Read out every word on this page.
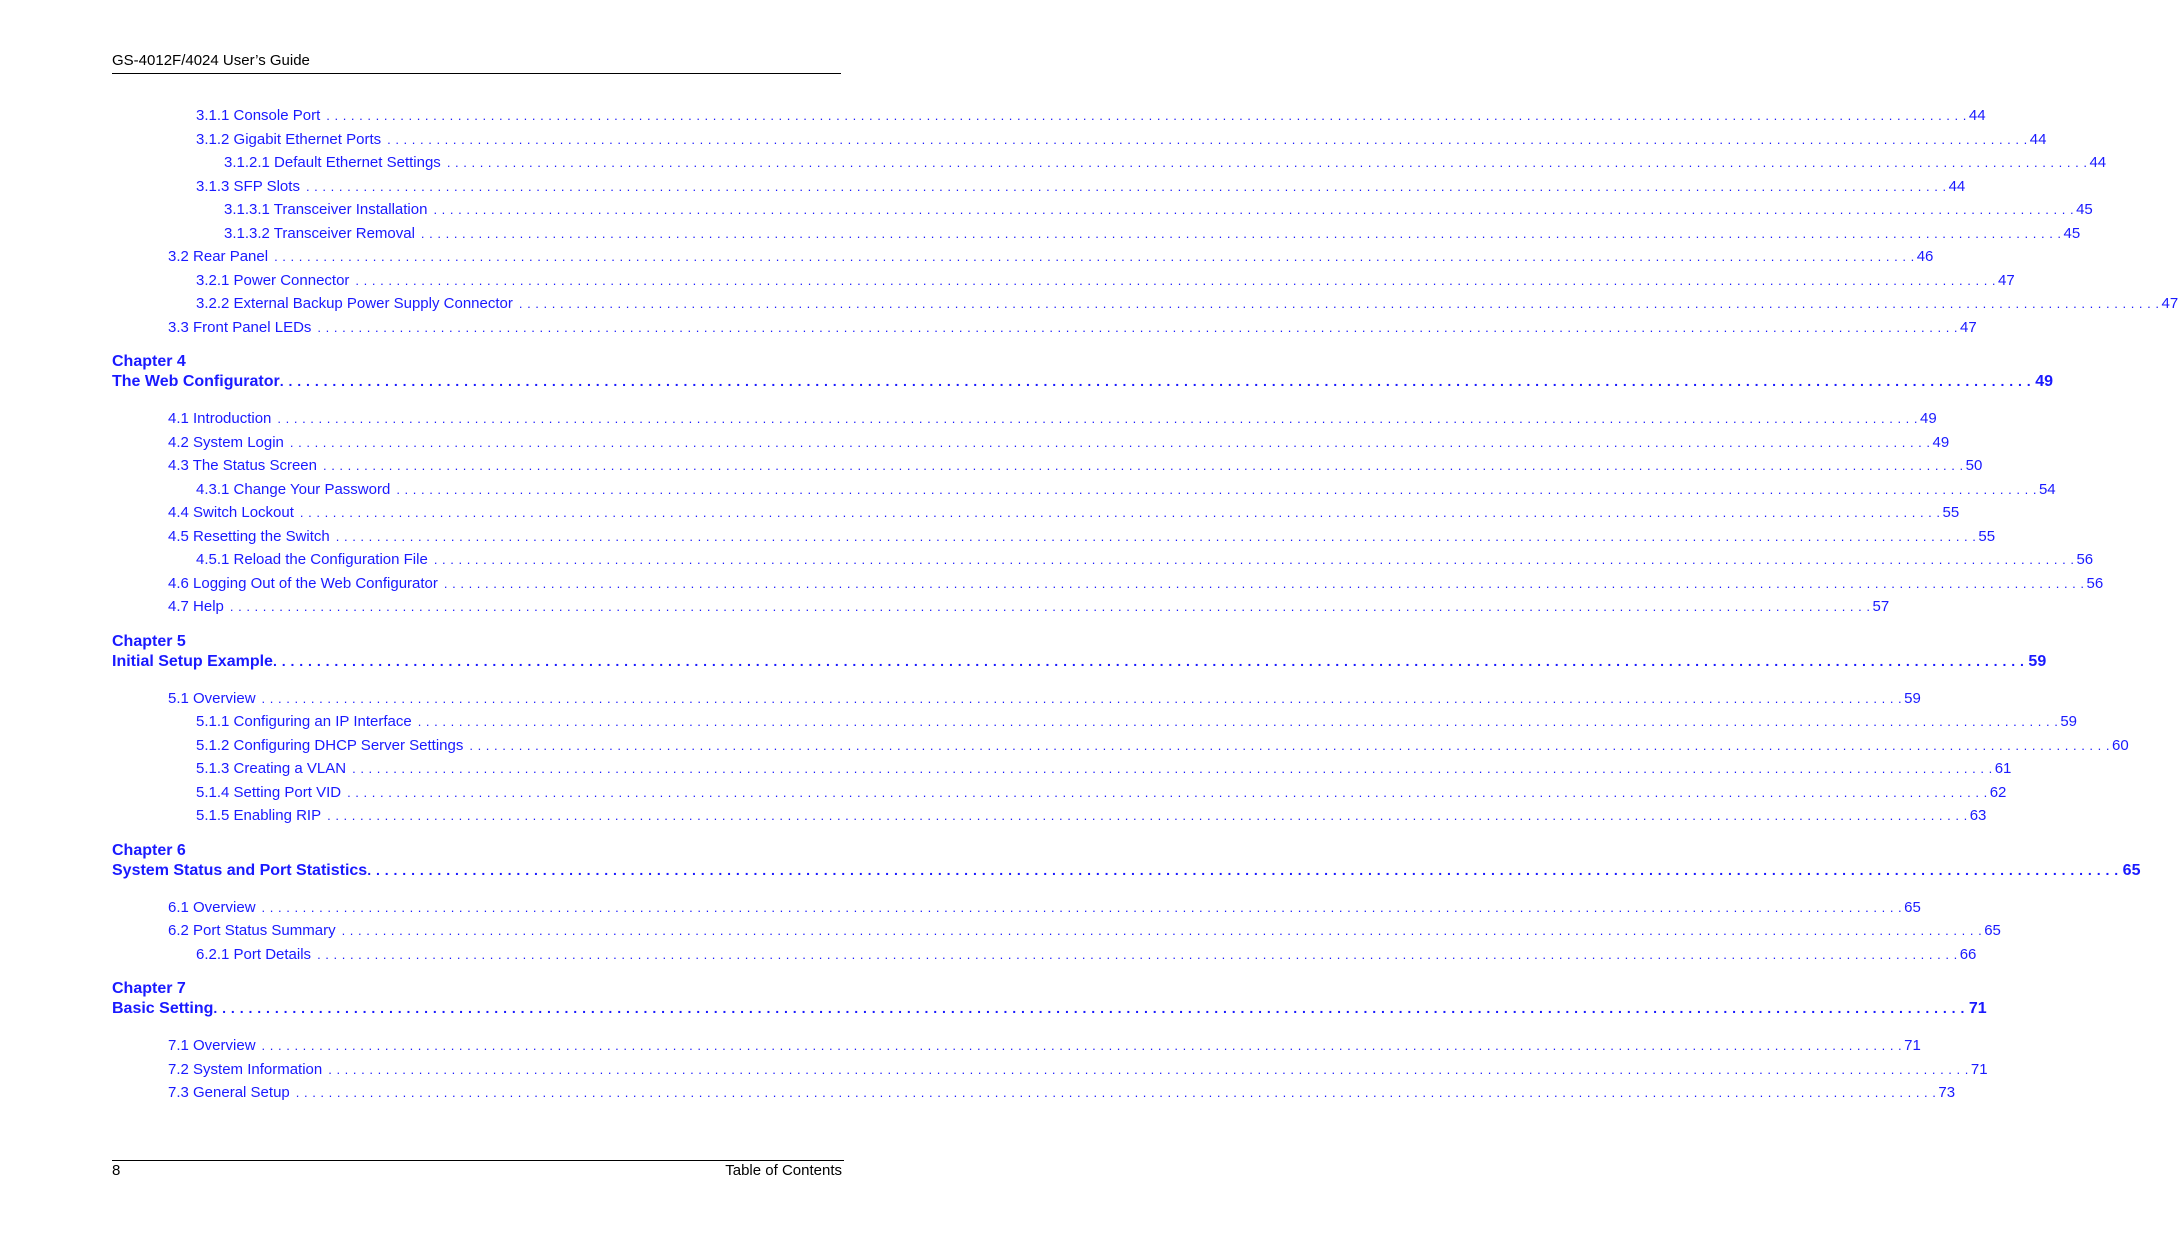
GS-4012F/4024 User’s Guide
3.1.1 Console Port . . . . . . . . . . . . . . . . . . . . . . . . . . . . . . . . . . . . . . . . . . . . . . . . . . . . . . . . . . . . . . . . . . . . . . . . . . . . . . . . . . . . . . . . . . . . . . . . . . . . . . . . . . . . . . . . . . . . . . . . . . . . . . . . . . . . . . . . . . . . . . . . . . . . . . . . . . . . . . . . . . . . . . . . . . . . . . . . . . . . . . . . . . . . . . . . . . . . . . . . 44
3.1.2 Gigabit Ethernet Ports . . . . . . . . . . . . . . . . . . . . . . . . . . . . . . . . . . . . . . . . . . . . . . . . . . . . . . . . . . . . . . . . . . . . . . . . . . . . . . . . . . . . . . . . . . . . . . . . . . . . . . . . . . . . . . . . . . . . . . . . . . . . . . . . . . . . . . . . . . . . . . . . . . . . . . . . . . . . . . . . . . . . . . . . . . . . . . . . . . . . . . . . . . . . . . . . . . . . . . . . 44
3.1.2.1 Default Ethernet Settings . . . . . . . . . . . . . . . . . . . . . . . . . . . . . . . . . . . . . . . . . . . . . . . . . . . . . . . . . . . . . . . . . . . . . . . . . . . . . . . . . . . . . . . . . . . . . . . . . . . . . . . . . . . . . . . . . . . . . . . . . . . . . . . . . . . . . . . . . . . . . . . . . . . . . . . . . . . . . . . . . . . . . . . . . . . . . . . . . . . . . . . . . . . . . . . . . . . . . . . . 44
3.1.3 SFP Slots . . . . . . . . . . . . . . . . . . . . . . . . . . . . . . . . . . . . . . . . . . . . . . . . . . . . . . . . . . . . . . . . . . . . . . . . . . . . . . . . . . . . . . . . . . . . . . . . . . . . . . . . . . . . . . . . . . . . . . . . . . . . . . . . . . . . . . . . . . . . . . . . . . . . . . . . . . . . . . . . . . . . . . . . . . . . . . . . . . . . . . . . . . . . . . . . . . . . . . . . 44
3.1.3.1 Transceiver Installation . . . . . . . . . . . . . . . . . . . . . . . . . . . . . . . . . . . . . . . . . . . . . . . . . . . . . . . . . . . . . . . . . . . . . . . . . . . . . . . . . . . . . . . . . . . . . . . . . . . . . . . . . . . . . . . . . . . . . . . . . . . . . . . . . . . . . . . . . . . . . . . . . . . . . . . . . . . . . . . . . . . . . . . . . . . . . . . . . . . . . . . . . . . . . . . . . . . . . . . . 45
3.1.3.2 Transceiver Removal . . . . . . . . . . . . . . . . . . . . . . . . . . . . . . . . . . . . . . . . . . . . . . . . . . . . . . . . . . . . . . . . . . . . . . . . . . . . . . . . . . . . . . . . . . . . . . . . . . . . . . . . . . . . . . . . . . . . . . . . . . . . . . . . . . . . . . . . . . . . . . . . . . . . . . . . . . . . . . . . . . . . . . . . . . . . . . . . . . . . . . . . . . . . . . . . . . . . . . . . 45
3.2 Rear Panel . . . . . . . . . . . . . . . . . . . . . . . . . . . . . . . . . . . . . . . . . . . . . . . . . . . . . . . . . . . . . . . . . . . . . . . . . . . . . . . . . . . . . . . . . . . . . . . . . . . . . . . . . . . . . . . . . . . . . . . . . . . . . . . . . . . . . . . . . . . . . . . . . . . . . . . . . . . . . . . . . . . . . . . . . . . . . . . . . . . . . . . . . . . . . . . . . . . . . . . . 46
3.2.1 Power Connector . . . . . . . . . . . . . . . . . . . . . . . . . . . . . . . . . . . . . . . . . . . . . . . . . . . . . . . . . . . . . . . . . . . . . . . . . . . . . . . . . . . . . . . . . . . . . . . . . . . . . . . . . . . . . . . . . . . . . . . . . . . . . . . . . . . . . . . . . . . . . . . . . . . . . . . . . . . . . . . . . . . . . . . . . . . . . . . . . . . . . . . . . . . . . . . . . . . . . . . . 47
3.2.2 External Backup Power Supply Connector . . . . . . . . . . . . . . . . . . . . . . . . . . . . . . . . . . . . . . . . . . . . . . . . . . . . . . . . . . . . . . . . . . . . . . . . . . . . . . . . . . . . . . . . . . . . . . . . . . . . . . . . . . . . . . . . . . . . . . . . . . . . . . . . . . . . . . . . . . . . . . . . . . . . . . . . . . . . . . . . . . . . . . . . . . . . . . . . . . . . . . . . . . . . . . . . . . . . . . . . 47
3.3 Front Panel LEDs . . . . . . . . . . . . . . . . . . . . . . . . . . . . . . . . . . . . . . . . . . . . . . . . . . . . . . . . . . . . . . . . . . . . . . . . . . . . . . . . . . . . . . . . . . . . . . . . . . . . . . . . . . . . . . . . . . . . . . . . . . . . . . . . . . . . . . . . . . . . . . . . . . . . . . . . . . . . . . . . . . . . . . . . . . . . . . . . . . . . . . . . . . . . . . . . . . . . . . . . 47
Chapter 4
The Web Configurator . . . . . . . . . . . . . . . . . . . . . . . . . . . . . . . . . . . . . . . . . . . . . . . . . . . . . . . . . . . . . . . . . . . . . . . . . . . . . . . . . . . . . . . . . . . . . . . . . . . . . . . . . . . . . . . . . . . . . . . . . . . . . . . . . . . . . . . . . . . . . . . . . . . . . . . . . . . . . . . . . . . . . . . . . . . . . . . . . . . . . . . . . . . . . . . . . . . . . . . . 49
4.1 Introduction . . . . . . . . . . . . . . . . . . . . . . . . . . . . . . . . . . . . . . . . . . . . . . . . . . . . . . . . . . . . . . . . . . . . . . . . . . . . . . . . . . . . . . . . . . . . . . . . . . . . . . . . . . . . . . . . . . . . . . . . . . . . . . . . . . . . . . . . . . . . . . . . . . . . . . . . . . . . . . . . . . . . . . . . . . . . . . . . . . . . . . . . . . . . . . . . . . . . . . . . 49
4.2 System Login . . . . . . . . . . . . . . . . . . . . . . . . . . . . . . . . . . . . . . . . . . . . . . . . . . . . . . . . . . . . . . . . . . . . . . . . . . . . . . . . . . . . . . . . . . . . . . . . . . . . . . . . . . . . . . . . . . . . . . . . . . . . . . . . . . . . . . . . . . . . . . . . . . . . . . . . . . . . . . . . . . . . . . . . . . . . . . . . . . . . . . . . . . . . . . . . . . . . . . . . 49
4.3 The Status Screen . . . . . . . . . . . . . . . . . . . . . . . . . . . . . . . . . . . . . . . . . . . . . . . . . . . . . . . . . . . . . . . . . . . . . . . . . . . . . . . . . . . . . . . . . . . . . . . . . . . . . . . . . . . . . . . . . . . . . . . . . . . . . . . . . . . . . . . . . . . . . . . . . . . . . . . . . . . . . . . . . . . . . . . . . . . . . . . . . . . . . . . . . . . . . . . . . . . . . . . . 50
4.3.1 Change Your Password . . . . . . . . . . . . . . . . . . . . . . . . . . . . . . . . . . . . . . . . . . . . . . . . . . . . . . . . . . . . . . . . . . . . . . . . . . . . . . . . . . . . . . . . . . . . . . . . . . . . . . . . . . . . . . . . . . . . . . . . . . . . . . . . . . . . . . . . . . . . . . . . . . . . . . . . . . . . . . . . . . . . . . . . . . . . . . . . . . . . . . . . . . . . . . . . . . . . . . . . 54
4.4 Switch Lockout . . . . . . . . . . . . . . . . . . . . . . . . . . . . . . . . . . . . . . . . . . . . . . . . . . . . . . . . . . . . . . . . . . . . . . . . . . . . . . . . . . . . . . . . . . . . . . . . . . . . . . . . . . . . . . . . . . . . . . . . . . . . . . . . . . . . . . . . . . . . . . . . . . . . . . . . . . . . . . . . . . . . . . . . . . . . . . . . . . . . . . . . . . . . . . . . . . . . . . . . 55
4.5 Resetting the Switch . . . . . . . . . . . . . . . . . . . . . . . . . . . . . . . . . . . . . . . . . . . . . . . . . . . . . . . . . . . . . . . . . . . . . . . . . . . . . . . . . . . . . . . . . . . . . . . . . . . . . . . . . . . . . . . . . . . . . . . . . . . . . . . . . . . . . . . . . . . . . . . . . . . . . . . . . . . . . . . . . . . . . . . . . . . . . . . . . . . . . . . . . . . . . . . . . . . . . . . . 55
4.5.1 Reload the Configuration File . . . . . . . . . . . . . . . . . . . . . . . . . . . . . . . . . . . . . . . . . . . . . . . . . . . . . . . . . . . . . . . . . . . . . . . . . . . . . . . . . . . . . . . . . . . . . . . . . . . . . . . . . . . . . . . . . . . . . . . . . . . . . . . . . . . . . . . . . . . . . . . . . . . . . . . . . . . . . . . . . . . . . . . . . . . . . . . . . . . . . . . . . . . . . . . . . . . . . . . . 56
4.6 Logging Out of the Web Configurator . . . . . . . . . . . . . . . . . . . . . . . . . . . . . . . . . . . . . . . . . . . . . . . . . . . . . . . . . . . . . . . . . . . . . . . . . . . . . . . . . . . . . . . . . . . . . . . . . . . . . . . . . . . . . . . . . . . . . . . . . . . . . . . . . . . . . . . . . . . . . . . . . . . . . . . . . . . . . . . . . . . . . . . . . . . . . . . . . . . . . . . . . . . . . . . . . . . . . . . . 56
4.7 Help . . . . . . . . . . . . . . . . . . . . . . . . . . . . . . . . . . . . . . . . . . . . . . . . . . . . . . . . . . . . . . . . . . . . . . . . . . . . . . . . . . . . . . . . . . . . . . . . . . . . . . . . . . . . . . . . . . . . . . . . . . . . . . . . . . . . . . . . . . . . . . . . . . . . . . . . . . . . . . . . . . . . . . . . . . . . . . . . . . . . . . . . . . . . . . . . . . . . . . . . 57
Chapter 5
Initial Setup Example . . . . . . . . . . . . . . . . . . . . . . . . . . . . . . . . . . . . . . . . . . . . . . . . . . . . . . . . . . . . . . . . . . . . . . . . . . . . . . . . . . . . . . . . . . . . . . . . . . . . . . . . . . . . . . . . . . . . . . . . . . . . . . . . . . . . . . . . . . . . . . . . . . . . . . . . . . . . . . . . . . . . . . . . . . . . . . . . . . . . . . . . . . . . . . . . . . . . . . . . 59
5.1 Overview . . . . . . . . . . . . . . . . . . . . . . . . . . . . . . . . . . . . . . . . . . . . . . . . . . . . . . . . . . . . . . . . . . . . . . . . . . . . . . . . . . . . . . . . . . . . . . . . . . . . . . . . . . . . . . . . . . . . . . . . . . . . . . . . . . . . . . . . . . . . . . . . . . . . . . . . . . . . . . . . . . . . . . . . . . . . . . . . . . . . . . . . . . . . . . . . . . . . . . . . 59
5.1.1 Configuring an IP Interface . . . . . . . . . . . . . . . . . . . . . . . . . . . . . . . . . . . . . . . . . . . . . . . . . . . . . . . . . . . . . . . . . . . . . . . . . . . . . . . . . . . . . . . . . . . . . . . . . . . . . . . . . . . . . . . . . . . . . . . . . . . . . . . . . . . . . . . . . . . . . . . . . . . . . . . . . . . . . . . . . . . . . . . . . . . . . . . . . . . . . . . . . . . . . . . . . . . . . . . . 59
5.1.2 Configuring DHCP Server Settings . . . . . . . . . . . . . . . . . . . . . . . . . . . . . . . . . . . . . . . . . . . . . . . . . . . . . . . . . . . . . . . . . . . . . . . . . . . . . . . . . . . . . . . . . . . . . . . . . . . . . . . . . . . . . . . . . . . . . . . . . . . . . . . . . . . . . . . . . . . . . . . . . . . . . . . . . . . . . . . . . . . . . . . . . . . . . . . . . . . . . . . . . . . . . . . . . . . . . . . . 60
5.1.3 Creating a VLAN . . . . . . . . . . . . . . . . . . . . . . . . . . . . . . . . . . . . . . . . . . . . . . . . . . . . . . . . . . . . . . . . . . . . . . . . . . . . . . . . . . . . . . . . . . . . . . . . . . . . . . . . . . . . . . . . . . . . . . . . . . . . . . . . . . . . . . . . . . . . . . . . . . . . . . . . . . . . . . . . . . . . . . . . . . . . . . . . . . . . . . . . . . . . . . . . . . . . . . . . 61
5.1.4 Setting Port VID . . . . . . . . . . . . . . . . . . . . . . . . . . . . . . . . . . . . . . . . . . . . . . . . . . . . . . . . . . . . . . . . . . . . . . . . . . . . . . . . . . . . . . . . . . . . . . . . . . . . . . . . . . . . . . . . . . . . . . . . . . . . . . . . . . . . . . . . . . . . . . . . . . . . . . . . . . . . . . . . . . . . . . . . . . . . . . . . . . . . . . . . . . . . . . . . . . . . . . . . 62
5.1.5 Enabling RIP . . . . . . . . . . . . . . . . . . . . . . . . . . . . . . . . . . . . . . . . . . . . . . . . . . . . . . . . . . . . . . . . . . . . . . . . . . . . . . . . . . . . . . . . . . . . . . . . . . . . . . . . . . . . . . . . . . . . . . . . . . . . . . . . . . . . . . . . . . . . . . . . . . . . . . . . . . . . . . . . . . . . . . . . . . . . . . . . . . . . . . . . . . . . . . . . . . . . . . . . 63
Chapter 6
System Status and Port Statistics . . . . . . . . . . . . . . . . . . . . . . . . . . . . . . . . . . . . . . . . . . . . . . . . . . . . . . . . . . . . . . . . . . . . . . . . . . . . . . . . . . . . . . . . . . . . . . . . . . . . . . . . . . . . . . . . . . . . . . . . . . . . . . . . . . . . . . . . . . . . . . . . . . . . . . . . . . . . . . . . . . . . . . . . . . . . . . . . . . . . . . . . . . . . . . . . . . . . . . . . 65
6.1 Overview . . . . . . . . . . . . . . . . . . . . . . . . . . . . . . . . . . . . . . . . . . . . . . . . . . . . . . . . . . . . . . . . . . . . . . . . . . . . . . . . . . . . . . . . . . . . . . . . . . . . . . . . . . . . . . . . . . . . . . . . . . . . . . . . . . . . . . . . . . . . . . . . . . . . . . . . . . . . . . . . . . . . . . . . . . . . . . . . . . . . . . . . . . . . . . . . . . . . . . . . 65
6.2 Port Status Summary . . . . . . . . . . . . . . . . . . . . . . . . . . . . . . . . . . . . . . . . . . . . . . . . . . . . . . . . . . . . . . . . . . . . . . . . . . . . . . . . . . . . . . . . . . . . . . . . . . . . . . . . . . . . . . . . . . . . . . . . . . . . . . . . . . . . . . . . . . . . . . . . . . . . . . . . . . . . . . . . . . . . . . . . . . . . . . . . . . . . . . . . . . . . . . . . . . . . . . . . 65
6.2.1 Port Details . . . . . . . . . . . . . . . . . . . . . . . . . . . . . . . . . . . . . . . . . . . . . . . . . . . . . . . . . . . . . . . . . . . . . . . . . . . . . . . . . . . . . . . . . . . . . . . . . . . . . . . . . . . . . . . . . . . . . . . . . . . . . . . . . . . . . . . . . . . . . . . . . . . . . . . . . . . . . . . . . . . . . . . . . . . . . . . . . . . . . . . . . . . . . . . . . . . . . . . . 66
Chapter 7
Basic Setting . . . . . . . . . . . . . . . . . . . . . . . . . . . . . . . . . . . . . . . . . . . . . . . . . . . . . . . . . . . . . . . . . . . . . . . . . . . . . . . . . . . . . . . . . . . . . . . . . . . . . . . . . . . . . . . . . . . . . . . . . . . . . . . . . . . . . . . . . . . . . . . . . . . . . . . . . . . . . . . . . . . . . . . . . . . . . . . . . . . . . . . . . . . . . . . . . . . . . . . . 71
7.1 Overview . . . . . . . . . . . . . . . . . . . . . . . . . . . . . . . . . . . . . . . . . . . . . . . . . . . . . . . . . . . . . . . . . . . . . . . . . . . . . . . . . . . . . . . . . . . . . . . . . . . . . . . . . . . . . . . . . . . . . . . . . . . . . . . . . . . . . . . . . . . . . . . . . . . . . . . . . . . . . . . . . . . . . . . . . . . . . . . . . . . . . . . . . . . . . . . . . . . . . . . . 71
7.2 System Information . . . . . . . . . . . . . . . . . . . . . . . . . . . . . . . . . . . . . . . . . . . . . . . . . . . . . . . . . . . . . . . . . . . . . . . . . . . . . . . . . . . . . . . . . . . . . . . . . . . . . . . . . . . . . . . . . . . . . . . . . . . . . . . . . . . . . . . . . . . . . . . . . . . . . . . . . . . . . . . . . . . . . . . . . . . . . . . . . . . . . . . . . . . . . . . . . . . . . . . . 71
7.3 General Setup . . . . . . . . . . . . . . . . . . . . . . . . . . . . . . . . . . . . . . . . . . . . . . . . . . . . . . . . . . . . . . . . . . . . . . . . . . . . . . . . . . . . . . . . . . . . . . . . . . . . . . . . . . . . . . . . . . . . . . . . . . . . . . . . . . . . . . . . . . . . . . . . . . . . . . . . . . . . . . . . . . . . . . . . . . . . . . . . . . . . . . . . . . . . . . . . . . . . . . . . 73
8	Table of Contents
